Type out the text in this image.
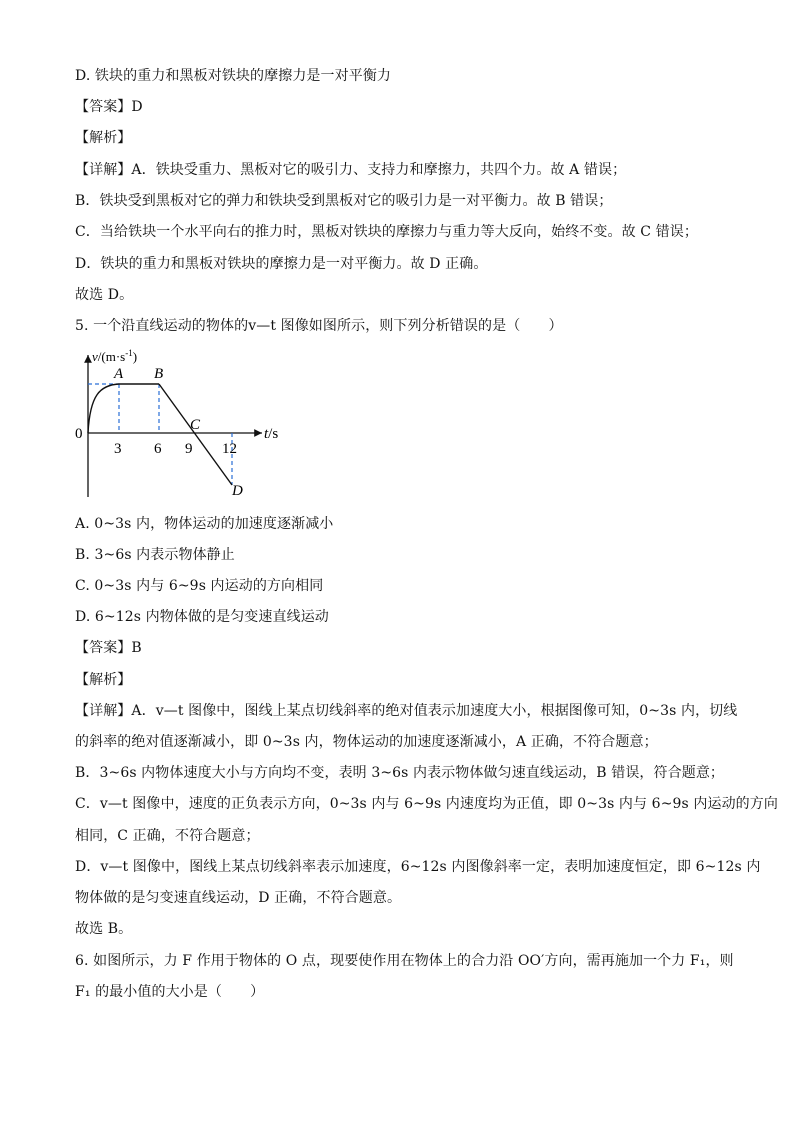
D. 铁块的重力和黑板对铁块的摩擦力是一对平衡力
【答案】D
【解析】
【详解】A．铁块受重力、黑板对它的吸引力、支持力和摩擦力，共四个力。故 A 错误；
B．铁块受到黑板对它的弹力和铁块受到黑板对它的吸引力是一对平衡力。故 B 错误；
C．当给铁块一个水平向右的推力时，黑板对铁块的摩擦力与重力等大反向，始终不变。故 C 错误；
D．铁块的重力和黑板对铁块的摩擦力是一对平衡力。故 D 正确。
故选 D。
5. 一个沿直线运动的物体的v—t 图像如图所示，则下列分析错误的是（　　）
$v/(m\cdot s^{-1})$
t/s
0
3 6 9 12
A B
C
D
A. 0~3s 内，物体运动的加速度逐渐减小
B. 3~6s 内表示物体静止
C. 0~3s 内与 6~9s 内运动的方向相同
D. 6~12s 内物体做的是匀变速直线运动
【答案】B
【解析】
【详解】A．v—t 图像中，图线上某点切线斜率的绝对值表示加速度大小，根据图像可知，0~3s 内，切线
的斜率的绝对值逐渐减小，即 0~3s 内，物体运动的加速度逐渐减小，A 正确，不符合题意；
B．3~6s 内物体速度大小与方向均不变，表明 3~6s 内表示物体做匀速直线运动，B 错误，符合题意；
C．v—t 图像中，速度的正负表示方向，0~3s 内与 6~9s 内速度均为正值，即 0~3s 内与 6~9s 内运动的方向
相同，C 正确，不符合题意；
D．v—t 图像中，图线上某点切线斜率表示加速度，6~12s 内图像斜率一定，表明加速度恒定，即 6~12s 内
物体做的是匀变速直线运动，D 正确，不符合题意。
故选 B。
6. 如图所示，力 F 作用于物体的 O 点，现要使作用在物体上的合力沿 OO′方向，需再施加一个力 F₁，则
F₁ 的最小值的大小是（　　）
